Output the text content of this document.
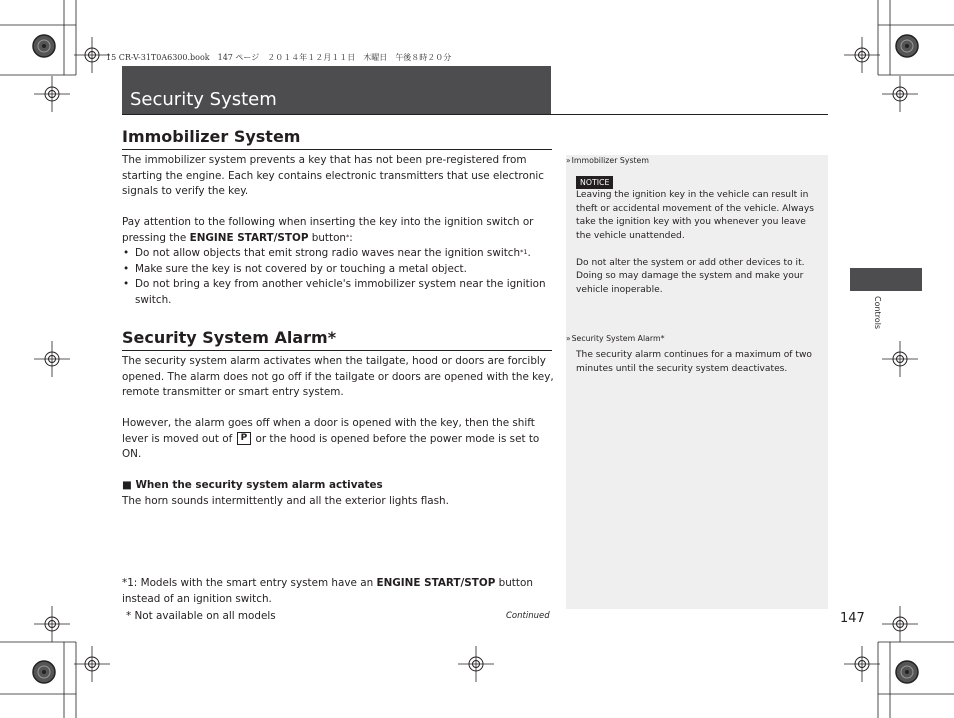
15 CR-V-31T0A6300.book　147 ページ　２０１４年１２月１１日　木曜日　午後８時２０分
Security System
Immobilizer System

The immobilizer system prevents a key that has not been pre-registered from starting the engine. Each key contains electronic transmitters that use electronic signals to verify the key.

Pay attention to the following when inserting the key into the ignition switch or pressing the ENGINE START/STOP button*:

• Do not allow objects that emit strong radio waves near the ignition switch$^{*1}$.
• Make sure the key is not covered by or touching a metal object.
• Do not bring a key from another vehicle's immobilizer system near the ignition switch.
Security System Alarm*

The security system alarm activates when the tailgate, hood or doors are forcibly opened. The alarm does not go off if the tailgate or doors are opened with the key, remote transmitter or smart entry system.

However, the alarm goes off when a door is opened with the key, then the shift lever is moved out of P or the hood is opened before the power mode is set to ON.

■ When the security system alarm activates

The horn sounds intermittently and all the exterior lights flash.

*1: Models with the smart entry system have an ENGINE START/STOP button instead of an ignition switch.
* Not available on all models	Continued
»Immobilizer System
NOTICE

Leaving the ignition key in the vehicle can result in theft or accidental movement of the vehicle. Always take the ignition key with you whenever you leave the vehicle unattended.

Do not alter the system or add other devices to it. Doing so may damage the system and make your vehicle inoperable.

»Security System Alarm*

The security alarm continues for a maximum of two minutes until the security system deactivates.

Controls
147
